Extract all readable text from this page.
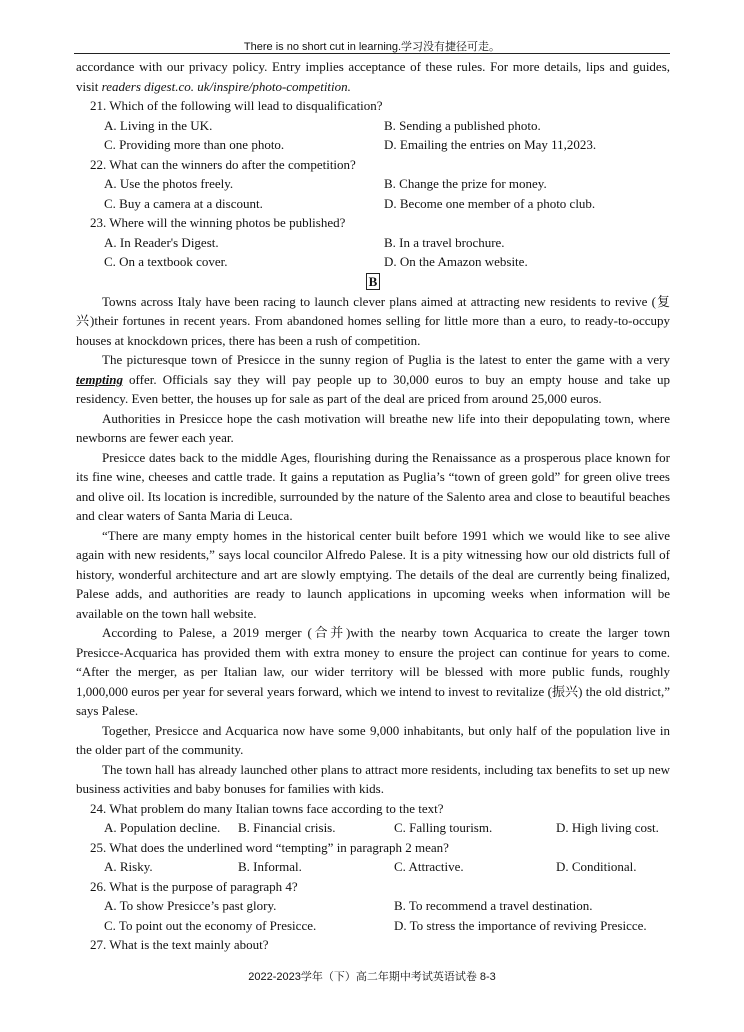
There is no short cut in learning.学习没有捷径可走。

accordance with our privacy policy. Entry implies acceptance of these rules. For more details, lips and guides, visit readers digest.co. uk/inspire/photo-competition.

21. Which of the following will lead to disqualification?
A. Living in the UK.	B. Sending a published photo.
C. Providing more than one photo.	D. Emailing the entries on May 11,2023.
22. What can the winners do after the competition?
A. Use the photos freely.	B. Change the prize for money.
C. Buy a camera at a discount.	D. Become one member of a photo club.
23. Where will the winning photos be published?
A. In Reader's Digest.	B. In a travel brochure.
C. On a textbook cover.	D. On the Amazon website.
B

Towns across Italy have been racing to launch clever plans aimed at attracting new residents to revive (复兴)their fortunes in recent years. From abandoned homes selling for little more than a euro, to ready-to-occupy houses at knockdown prices, there has been a rush of competition.

The picturesque town of Presicce in the sunny region of Puglia is the latest to enter the game with a very tempting offer. Officials say they will pay people up to 30,000 euros to buy an empty house and take up residency. Even better, the houses up for sale as part of the deal are priced from around 25,000 euros.

Authorities in Presicce hope the cash motivation will breathe new life into their depopulating town, where newborns are fewer each year.

Presicce dates back to the middle Ages, flourishing during the Renaissance as a prosperous place known for its fine wine, cheeses and cattle trade. It gains a reputation as Puglia’s “town of green gold” for green olive trees and olive oil. Its location is incredible, surrounded by the nature of the Salento area and close to beautiful beaches and clear waters of Santa Maria di Leuca.

“There are many empty homes in the historical center built before 1991 which we would like to see alive again with new residents,” says local councilor Alfredo Palese. It is a pity witnessing how our old districts full of history, wonderful architecture and art are slowly emptying. The details of the deal are currently being finalized, Palese adds, and authorities are ready to launch applications in upcoming weeks when information will be available on the town hall website.

According to Palese, a 2019 merger (合并)with the nearby town Acquarica to create the larger town Presicce-Acquarica has provided them with extra money to ensure the project can continue for years to come. “After the merger, as per Italian law, our wider territory will be blessed with more public funds, roughly 1,000,000 euros per year for several years forward, which we intend to invest to revitalize (振兴) the old district,” says Palese.

Together, Presicce and Acquarica now have some 9,000 inhabitants, but only half of the population live in the older part of the community.

The town hall has already launched other plans to attract more residents, including tax benefits to set up new business activities and baby bonuses for families with kids.

24. What problem do many Italian towns face according to the text?
A. Population decline.	B. Financial crisis.	C. Falling tourism.	D. High living cost.
25. What does the underlined word “tempting” in paragraph 2 mean?
A. Risky.	B. Informal.	C. Attractive.	D. Conditional.
26. What is the purpose of paragraph 4?
A. To show Presicce’s past glory.	B. To recommend a travel destination.
C. To point out the economy of Presicce.	D. To stress the importance of reviving Presicce.
27. What is the text mainly about?
2022-2023学年（下）高二年期中考试英语试卷 8-3
